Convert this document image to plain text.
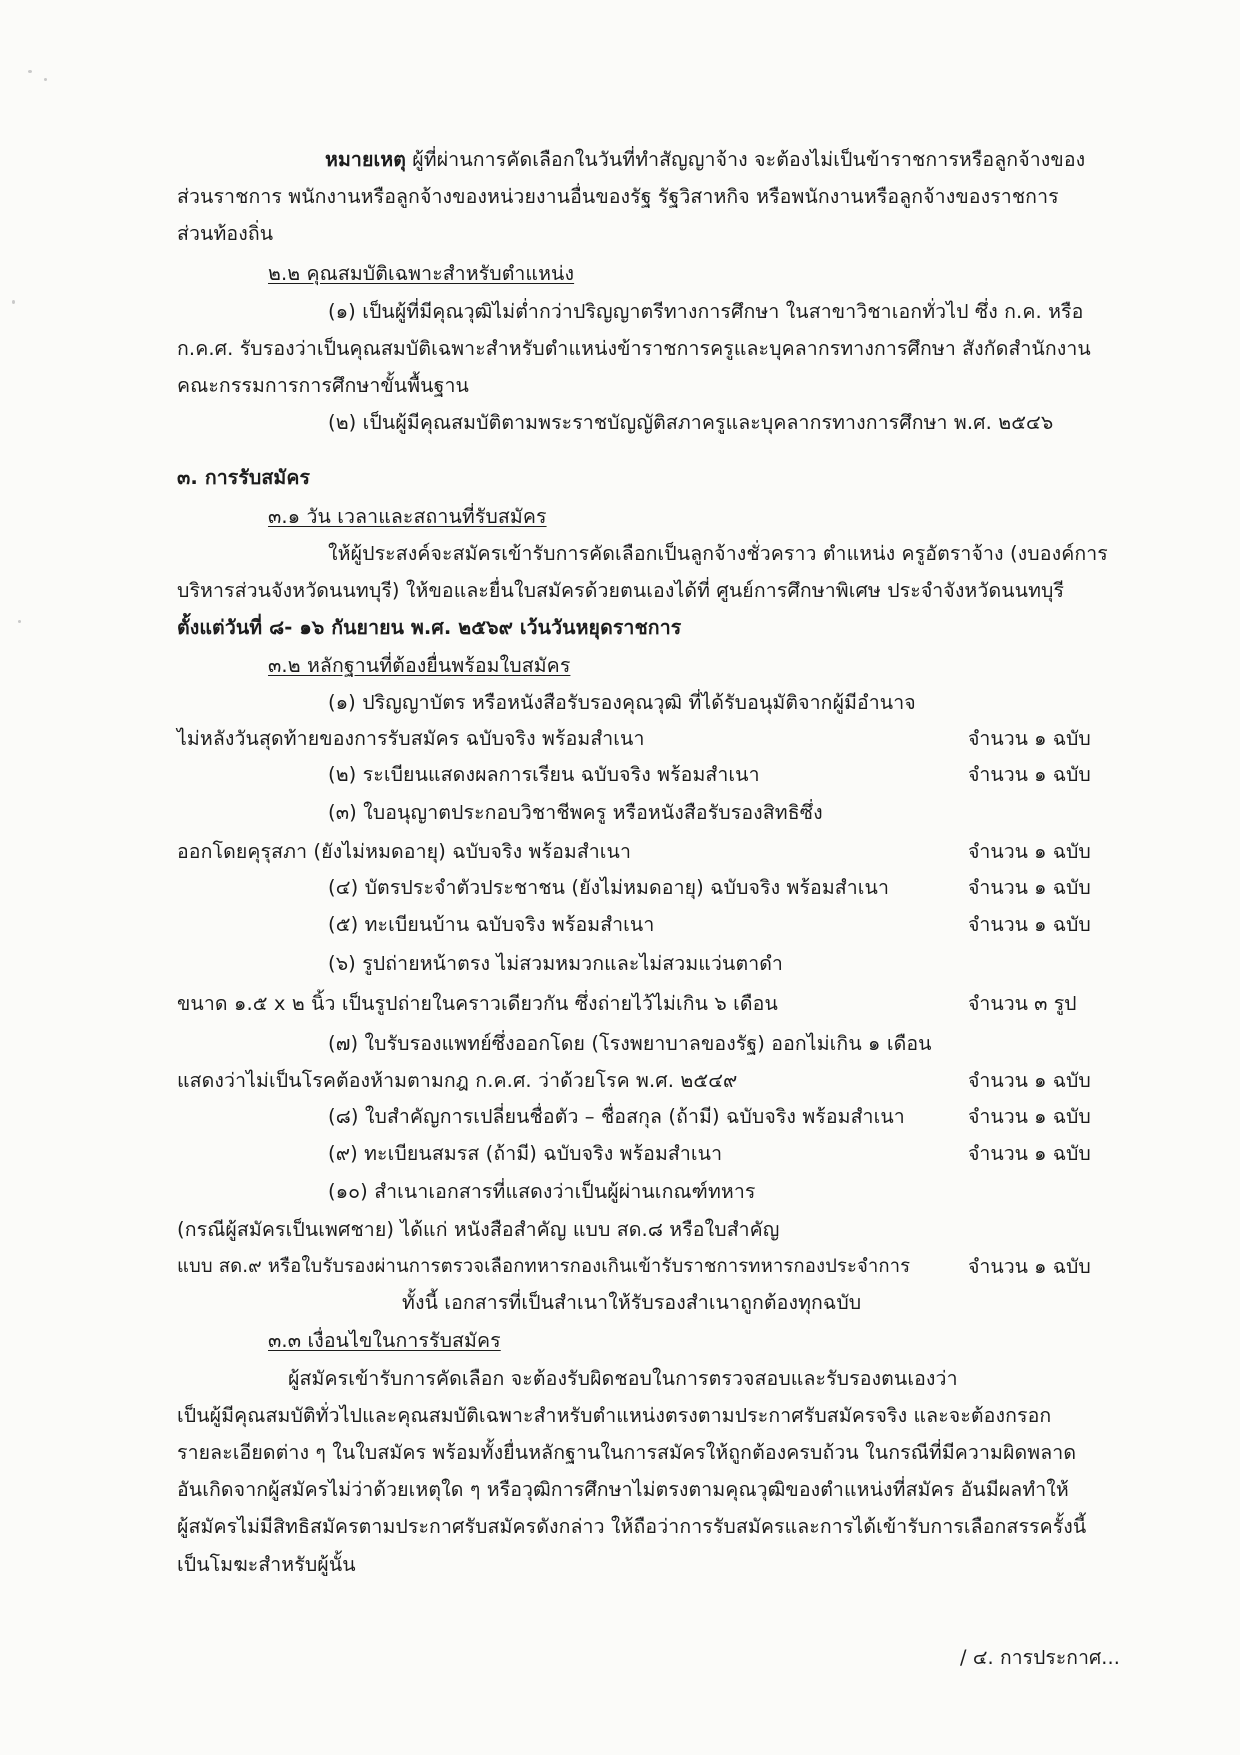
หมายเหตุ ผู้ที่ผ่านการคัดเลือกในวันที่ทำสัญญาจ้าง จะต้องไม่เป็นข้าราชการหรือลูกจ้างของ
ส่วนราชการ พนักงานหรือลูกจ้างของหน่วยงานอื่นของรัฐ รัฐวิสาหกิจ หรือพนักงานหรือลูกจ้างของราชการ
ส่วนท้องถิ่น
๒.๒ คุณสมบัติเฉพาะสำหรับตำแหน่ง
(๑) เป็นผู้ที่มีคุณวุฒิไม่ต่ำกว่าปริญญาตรีทางการศึกษา ในสาขาวิชาเอกทั่วไป ซึ่ง ก.ค. หรือ
ก.ค.ศ. รับรองว่าเป็นคุณสมบัติเฉพาะสำหรับตำแหน่งข้าราชการครูและบุคลากรทางการศึกษา สังกัดสำนักงาน
คณะกรรมการการศึกษาขั้นพื้นฐาน
(๒) เป็นผู้มีคุณสมบัติตามพระราชบัญญัติสภาครูและบุคลากรทางการศึกษา พ.ศ. ๒๕๔๖
๓. การรับสมัคร
๓.๑ วัน เวลาและสถานที่รับสมัคร
ให้ผู้ประสงค์จะสมัครเข้ารับการคัดเลือกเป็นลูกจ้างชั่วคราว ตำแหน่ง ครูอัตราจ้าง (งบองค์การ
บริหารส่วนจังหวัดนนทบุรี) ให้ขอและยื่นใบสมัครด้วยตนเองได้ที่ ศูนย์การศึกษาพิเศษ ประจำจังหวัดนนทบุรี
ตั้งแต่วันที่ ๘- ๑๖ กันยายน พ.ศ. ๒๕๖๙ เว้นวันหยุดราชการ
๓.๒ หลักฐานที่ต้องยื่นพร้อมใบสมัคร
(๑) ปริญญาบัตร หรือหนังสือรับรองคุณวุฒิ ที่ได้รับอนุมัติจากผู้มีอำนาจ
ไม่หลังวันสุดท้ายของการรับสมัคร ฉบับจริง พร้อมสำเนา	จำนวน ๑ ฉบับ
(๒) ระเบียนแสดงผลการเรียน ฉบับจริง พร้อมสำเนา	จำนวน ๑ ฉบับ
(๓) ใบอนุญาตประกอบวิชาชีพครู หรือหนังสือรับรองสิทธิซึ่ง
ออกโดยคุรุสภา (ยังไม่หมดอายุ) ฉบับจริง พร้อมสำเนา	จำนวน ๑ ฉบับ
(๔) บัตรประจำตัวประชาชน (ยังไม่หมดอายุ) ฉบับจริง พร้อมสำเนา	จำนวน ๑ ฉบับ
(๕) ทะเบียนบ้าน ฉบับจริง พร้อมสำเนา	จำนวน ๑ ฉบับ
(๖) รูปถ่ายหน้าตรง ไม่สวมหมวกและไม่สวมแว่นตาดำ
ขนาด ๑.๕ x ๒ นิ้ว เป็นรูปถ่ายในคราวเดียวกัน ซึ่งถ่ายไว้ไม่เกิน ๖ เดือน	จำนวน ๓ รูป
(๗) ใบรับรองแพทย์ซึ่งออกโดย (โรงพยาบาลของรัฐ) ออกไม่เกิน ๑ เดือน
แสดงว่าไม่เป็นโรคต้องห้ามตามกฎ ก.ค.ศ. ว่าด้วยโรค พ.ศ. ๒๕๔๙	จำนวน ๑ ฉบับ
(๘) ใบสำคัญการเปลี่ยนชื่อตัว – ชื่อสกุล (ถ้ามี) ฉบับจริง พร้อมสำเนา	จำนวน ๑ ฉบับ
(๙) ทะเบียนสมรส (ถ้ามี) ฉบับจริง พร้อมสำเนา	จำนวน ๑ ฉบับ
(๑๐) สำเนาเอกสารที่แสดงว่าเป็นผู้ผ่านเกณฑ์ทหาร
(กรณีผู้สมัครเป็นเพศชาย) ได้แก่ หนังสือสำคัญ แบบ สด.๘ หรือใบสำคัญ
แบบ สด.๙ หรือใบรับรองผ่านการตรวจเลือกทหารกองเกินเข้ารับราชการทหารกองประจำการ	จำนวน ๑ ฉบับ
ทั้งนี้ เอกสารที่เป็นสำเนาให้รับรองสำเนาถูกต้องทุกฉบับ
๓.๓ เงื่อนไขในการรับสมัคร
ผู้สมัครเข้ารับการคัดเลือก จะต้องรับผิดชอบในการตรวจสอบและรับรองตนเองว่า
เป็นผู้มีคุณสมบัติทั่วไปและคุณสมบัติเฉพาะสำหรับตำแหน่งตรงตามประกาศรับสมัครจริง และจะต้องกรอก
รายละเอียดต่าง ๆ ในใบสมัคร พร้อมทั้งยื่นหลักฐานในการสมัครให้ถูกต้องครบถ้วน ในกรณีที่มีความผิดพลาด
อันเกิดจากผู้สมัครไม่ว่าด้วยเหตุใด ๆ หรือวุฒิการศึกษาไม่ตรงตามคุณวุฒิของตำแหน่งที่สมัคร อันมีผลทำให้
ผู้สมัครไม่มีสิทธิสมัครตามประกาศรับสมัครดังกล่าว ให้ถือว่าการรับสมัครและการได้เข้ารับการเลือกสรรครั้งนี้
เป็นโมฆะสำหรับผู้นั้น
/ ๔. การประกาศ...
